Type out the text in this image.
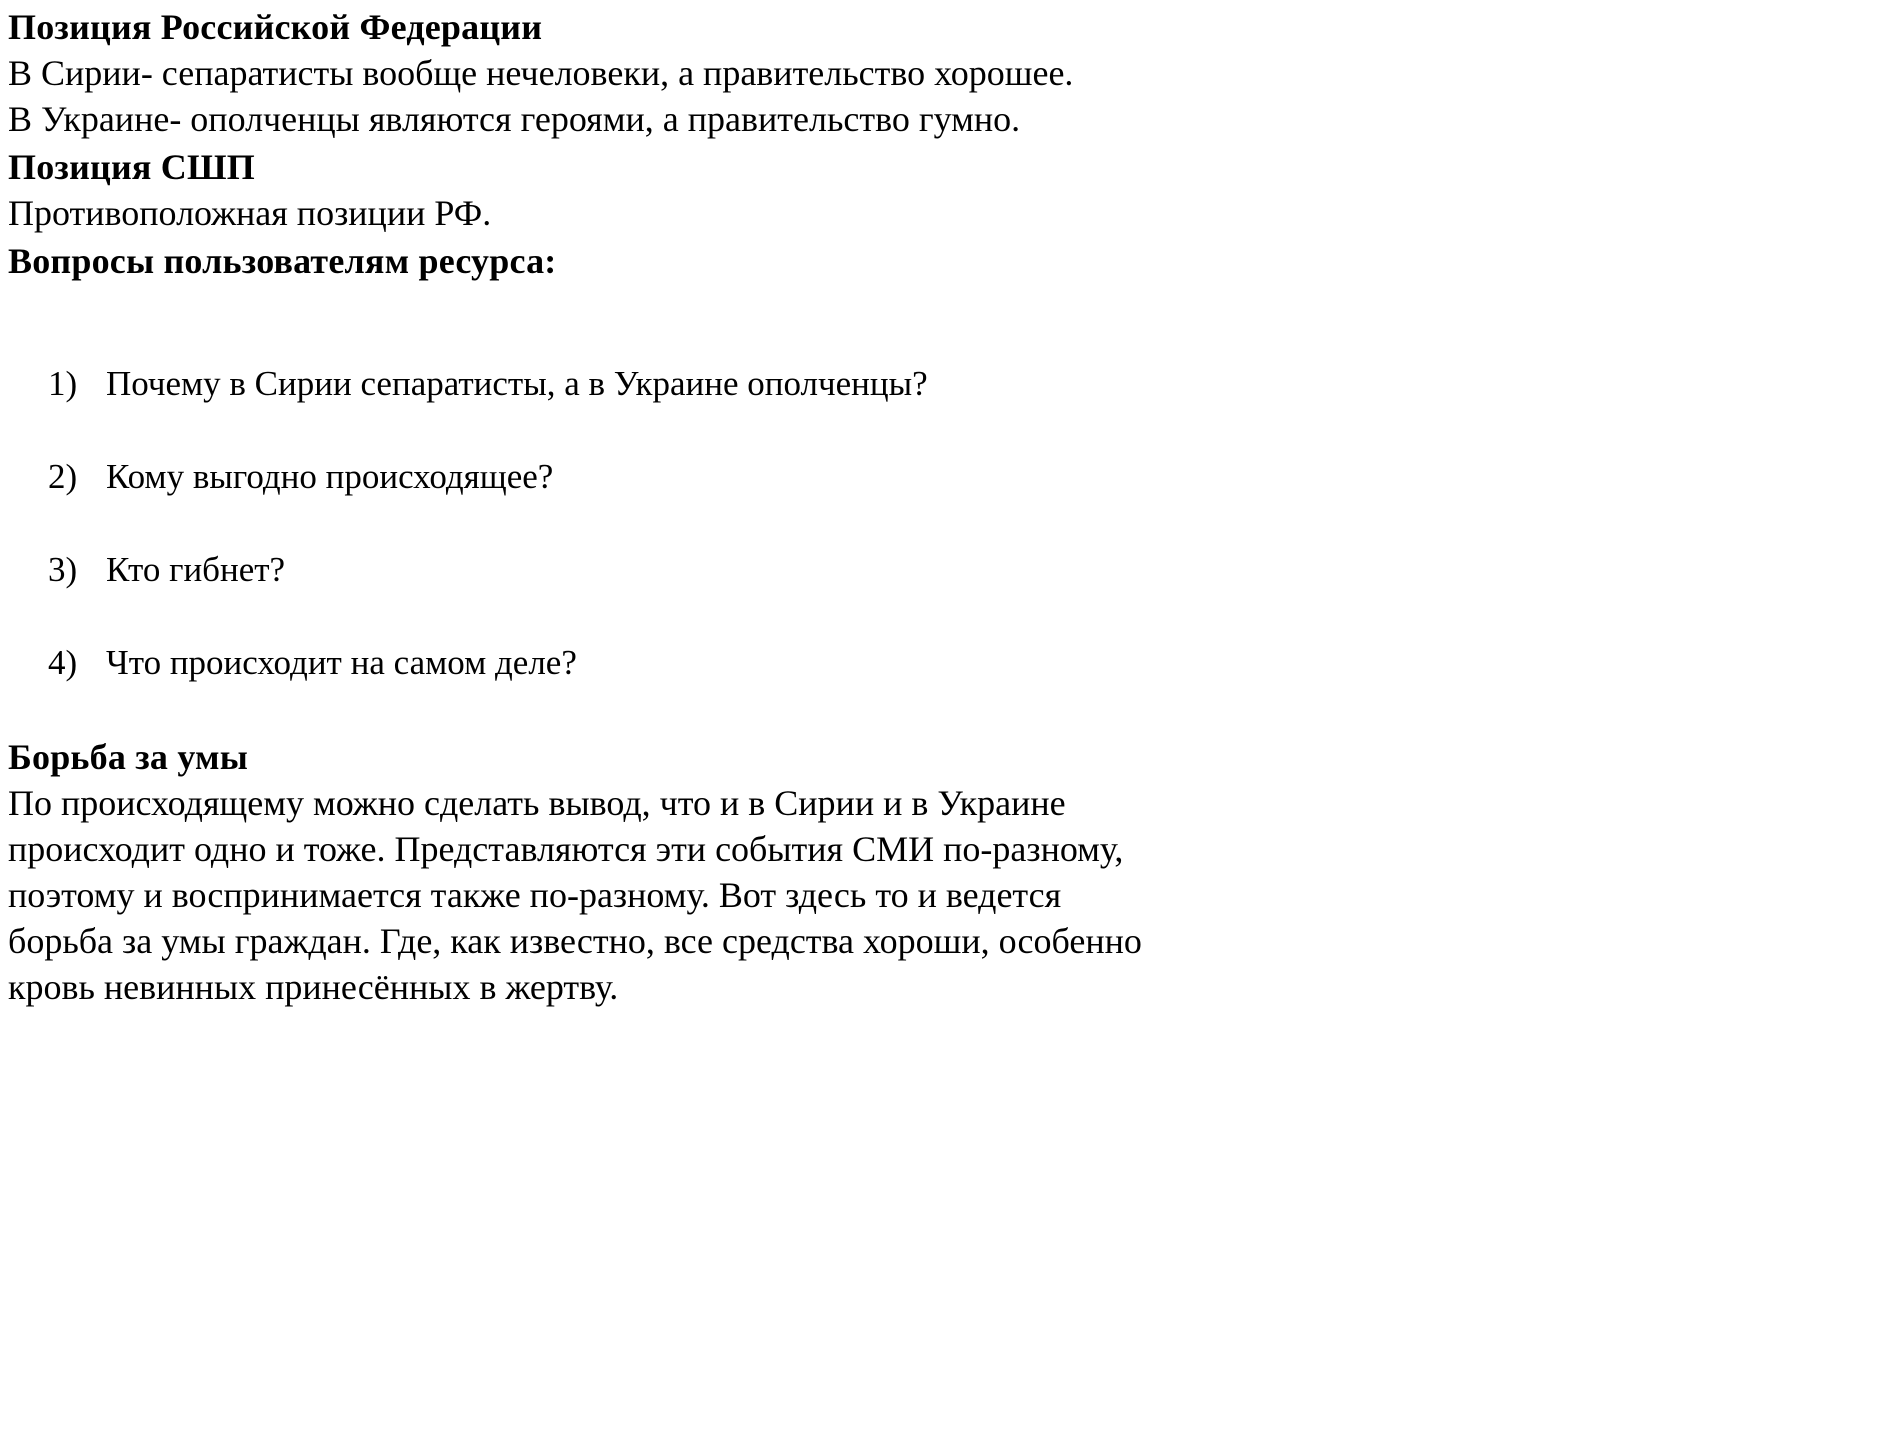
Позиция Российской Федерации

В Сирии- сепаратисты вообще нечеловеки, а правительство хорошее.

В Украине- ополченцы являются героями, а правительство гумно.

Позиция СШП

Противоположная позиции РФ.

Вопросы пользователям ресурса:
1) Почему в Сирии сепаратисты, а в Украине ополченцы?
2) Кому выгодно происходящее?
3) Кто гибнет?
4) Что происходит на самом деле?
Борьба за умы

По происходящему можно сделать вывод, что и в Сирии и в Украине

происходит одно и тоже. Представляются эти события СМИ по-разному,

поэтому и воспринимается также по-разному. Вот здесь то и ведется

борьба за умы граждан. Где, как известно, все средства хороши, особенно

кровь невинных принесённых в жертву.
